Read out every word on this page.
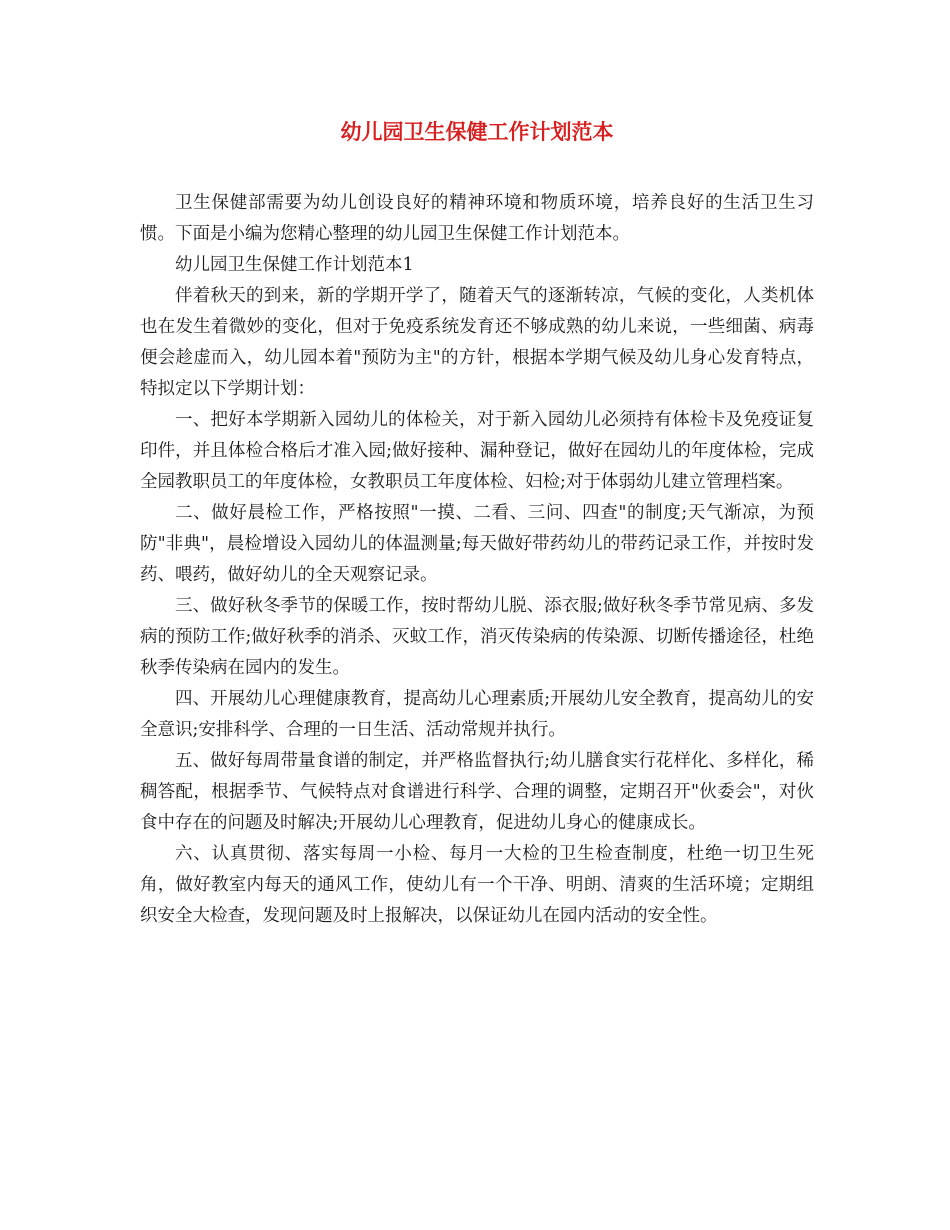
幼儿园卫生保健工作计划范本

卫生保健部需要为幼儿创设良好的精神环境和物质环境，培养良好的生活卫生习惯。下面是小编为您精心整理的幼儿园卫生保健工作计划范本。

幼儿园卫生保健工作计划范本1

伴着秋天的到来，新的学期开学了，随着天气的逐渐转凉，气候的变化，人类机体也在发生着微妙的变化，但对于免疫系统发育还不够成熟的幼儿来说，一些细菌、病毒便会趁虚而入，幼儿园本着"预防为主"的方针，根据本学期气候及幼儿身心发育特点，特拟定以下学期计划：

一、把好本学期新入园幼儿的体检关，对于新入园幼儿必须持有体检卡及免疫证复印件，并且体检合格后才准入园;做好接种、漏种登记，做好在园幼儿的年度体检，完成全园教职员工的年度体检，女教职员工年度体检、妇检;对于体弱幼儿建立管理档案。

二、做好晨检工作，严格按照"一摸、二看、三问、四查"的制度;天气渐凉，为预防"非典"，晨检增设入园幼儿的体温测量;每天做好带药幼儿的带药记录工作，并按时发药、喂药，做好幼儿的全天观察记录。

三、做好秋冬季节的保暖工作，按时帮幼儿脱、添衣服;做好秋冬季节常见病、多发病的预防工作;做好秋季的消杀、灭蚊工作，消灭传染病的传染源、切断传播途径，杜绝秋季传染病在园内的发生。

四、开展幼儿心理健康教育，提高幼儿心理素质;开展幼儿安全教育，提高幼儿的安全意识;安排科学、合理的一日生活、活动常规并执行。

五、做好每周带量食谱的制定，并严格监督执行;幼儿膳食实行花样化、多样化，稀稠答配，根据季节、气候特点对食谱进行科学、合理的调整，定期召开"伙委会"，对伙食中存在的问题及时解决;开展幼儿心理教育，促进幼儿身心的健康成长。

六、认真贯彻、落实每周一小检、每月一大检的卫生检查制度，杜绝一切卫生死角，做好教室内每天的通风工作，使幼儿有一个干净、明朗、清爽的生活环境；定期组织安全大检查，发现问题及时上报解决，以保证幼儿在园内活动的安全性。
